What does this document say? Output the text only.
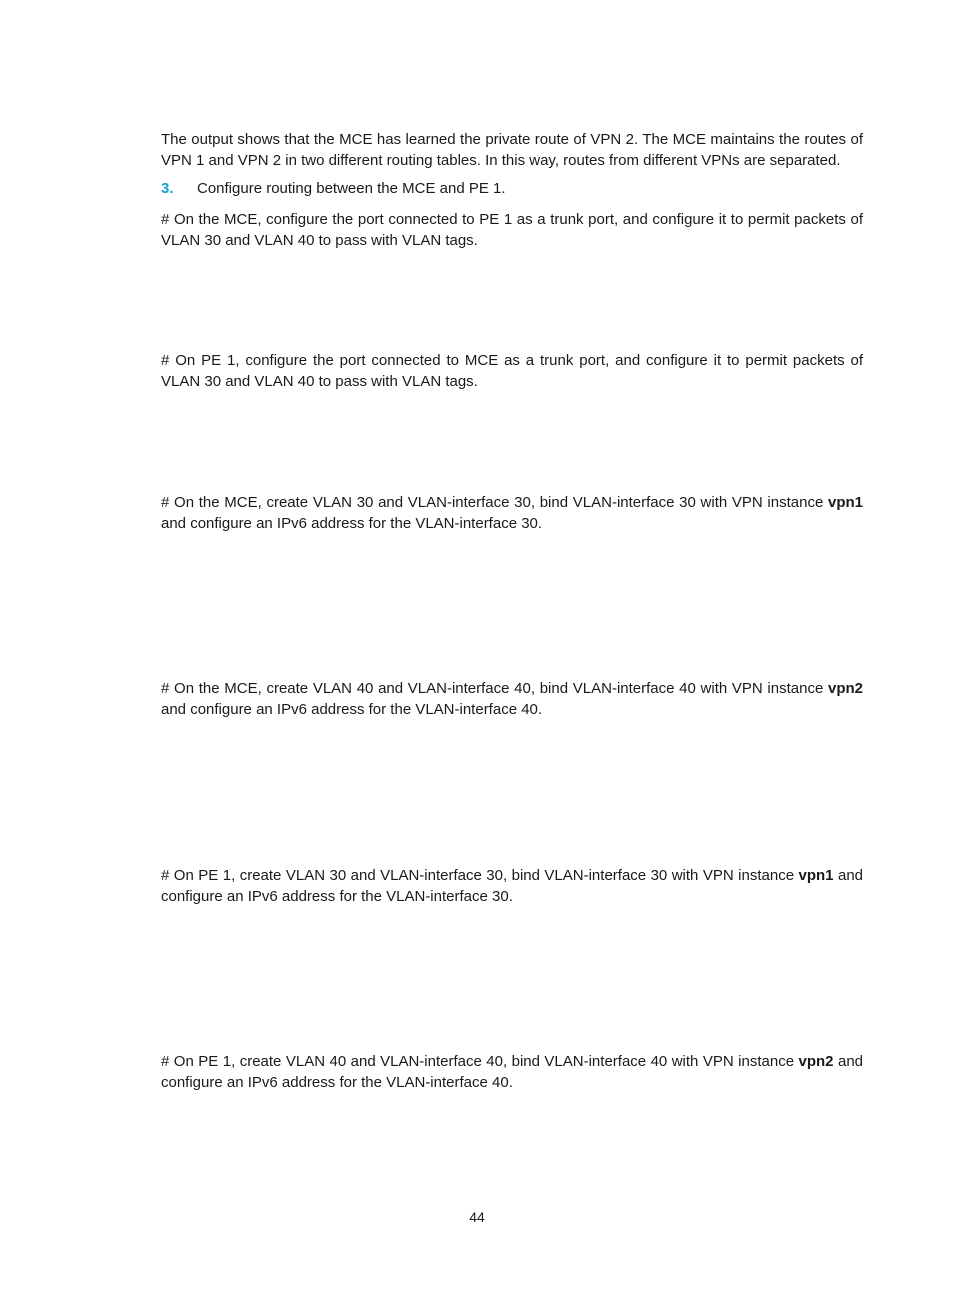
The output shows that the MCE has learned the private route of VPN 2. The MCE maintains the routes of VPN 1 and VPN 2 in two different routing tables. In this way, routes from different VPNs are separated.

3. Configure routing between the MCE and PE 1.

# On the MCE, configure the port connected to PE 1 as a trunk port, and configure it to permit packets of VLAN 30 and VLAN 40 to pass with VLAN tags.

# On PE 1, configure the port connected to MCE as a trunk port, and configure it to permit packets of VLAN 30 and VLAN 40 to pass with VLAN tags.

# On the MCE, create VLAN 30 and VLAN-interface 30, bind VLAN-interface 30 with VPN instance vpn1 and configure an IPv6 address for the VLAN-interface 30.

# On the MCE, create VLAN 40 and VLAN-interface 40, bind VLAN-interface 40 with VPN instance vpn2 and configure an IPv6 address for the VLAN-interface 40.

# On PE 1, create VLAN 30 and VLAN-interface 30, bind VLAN-interface 30 with VPN instance vpn1 and configure an IPv6 address for the VLAN-interface 30.

# On PE 1, create VLAN 40 and VLAN-interface 40, bind VLAN-interface 40 with VPN instance vpn2 and configure an IPv6 address for the VLAN-interface 40.

44
